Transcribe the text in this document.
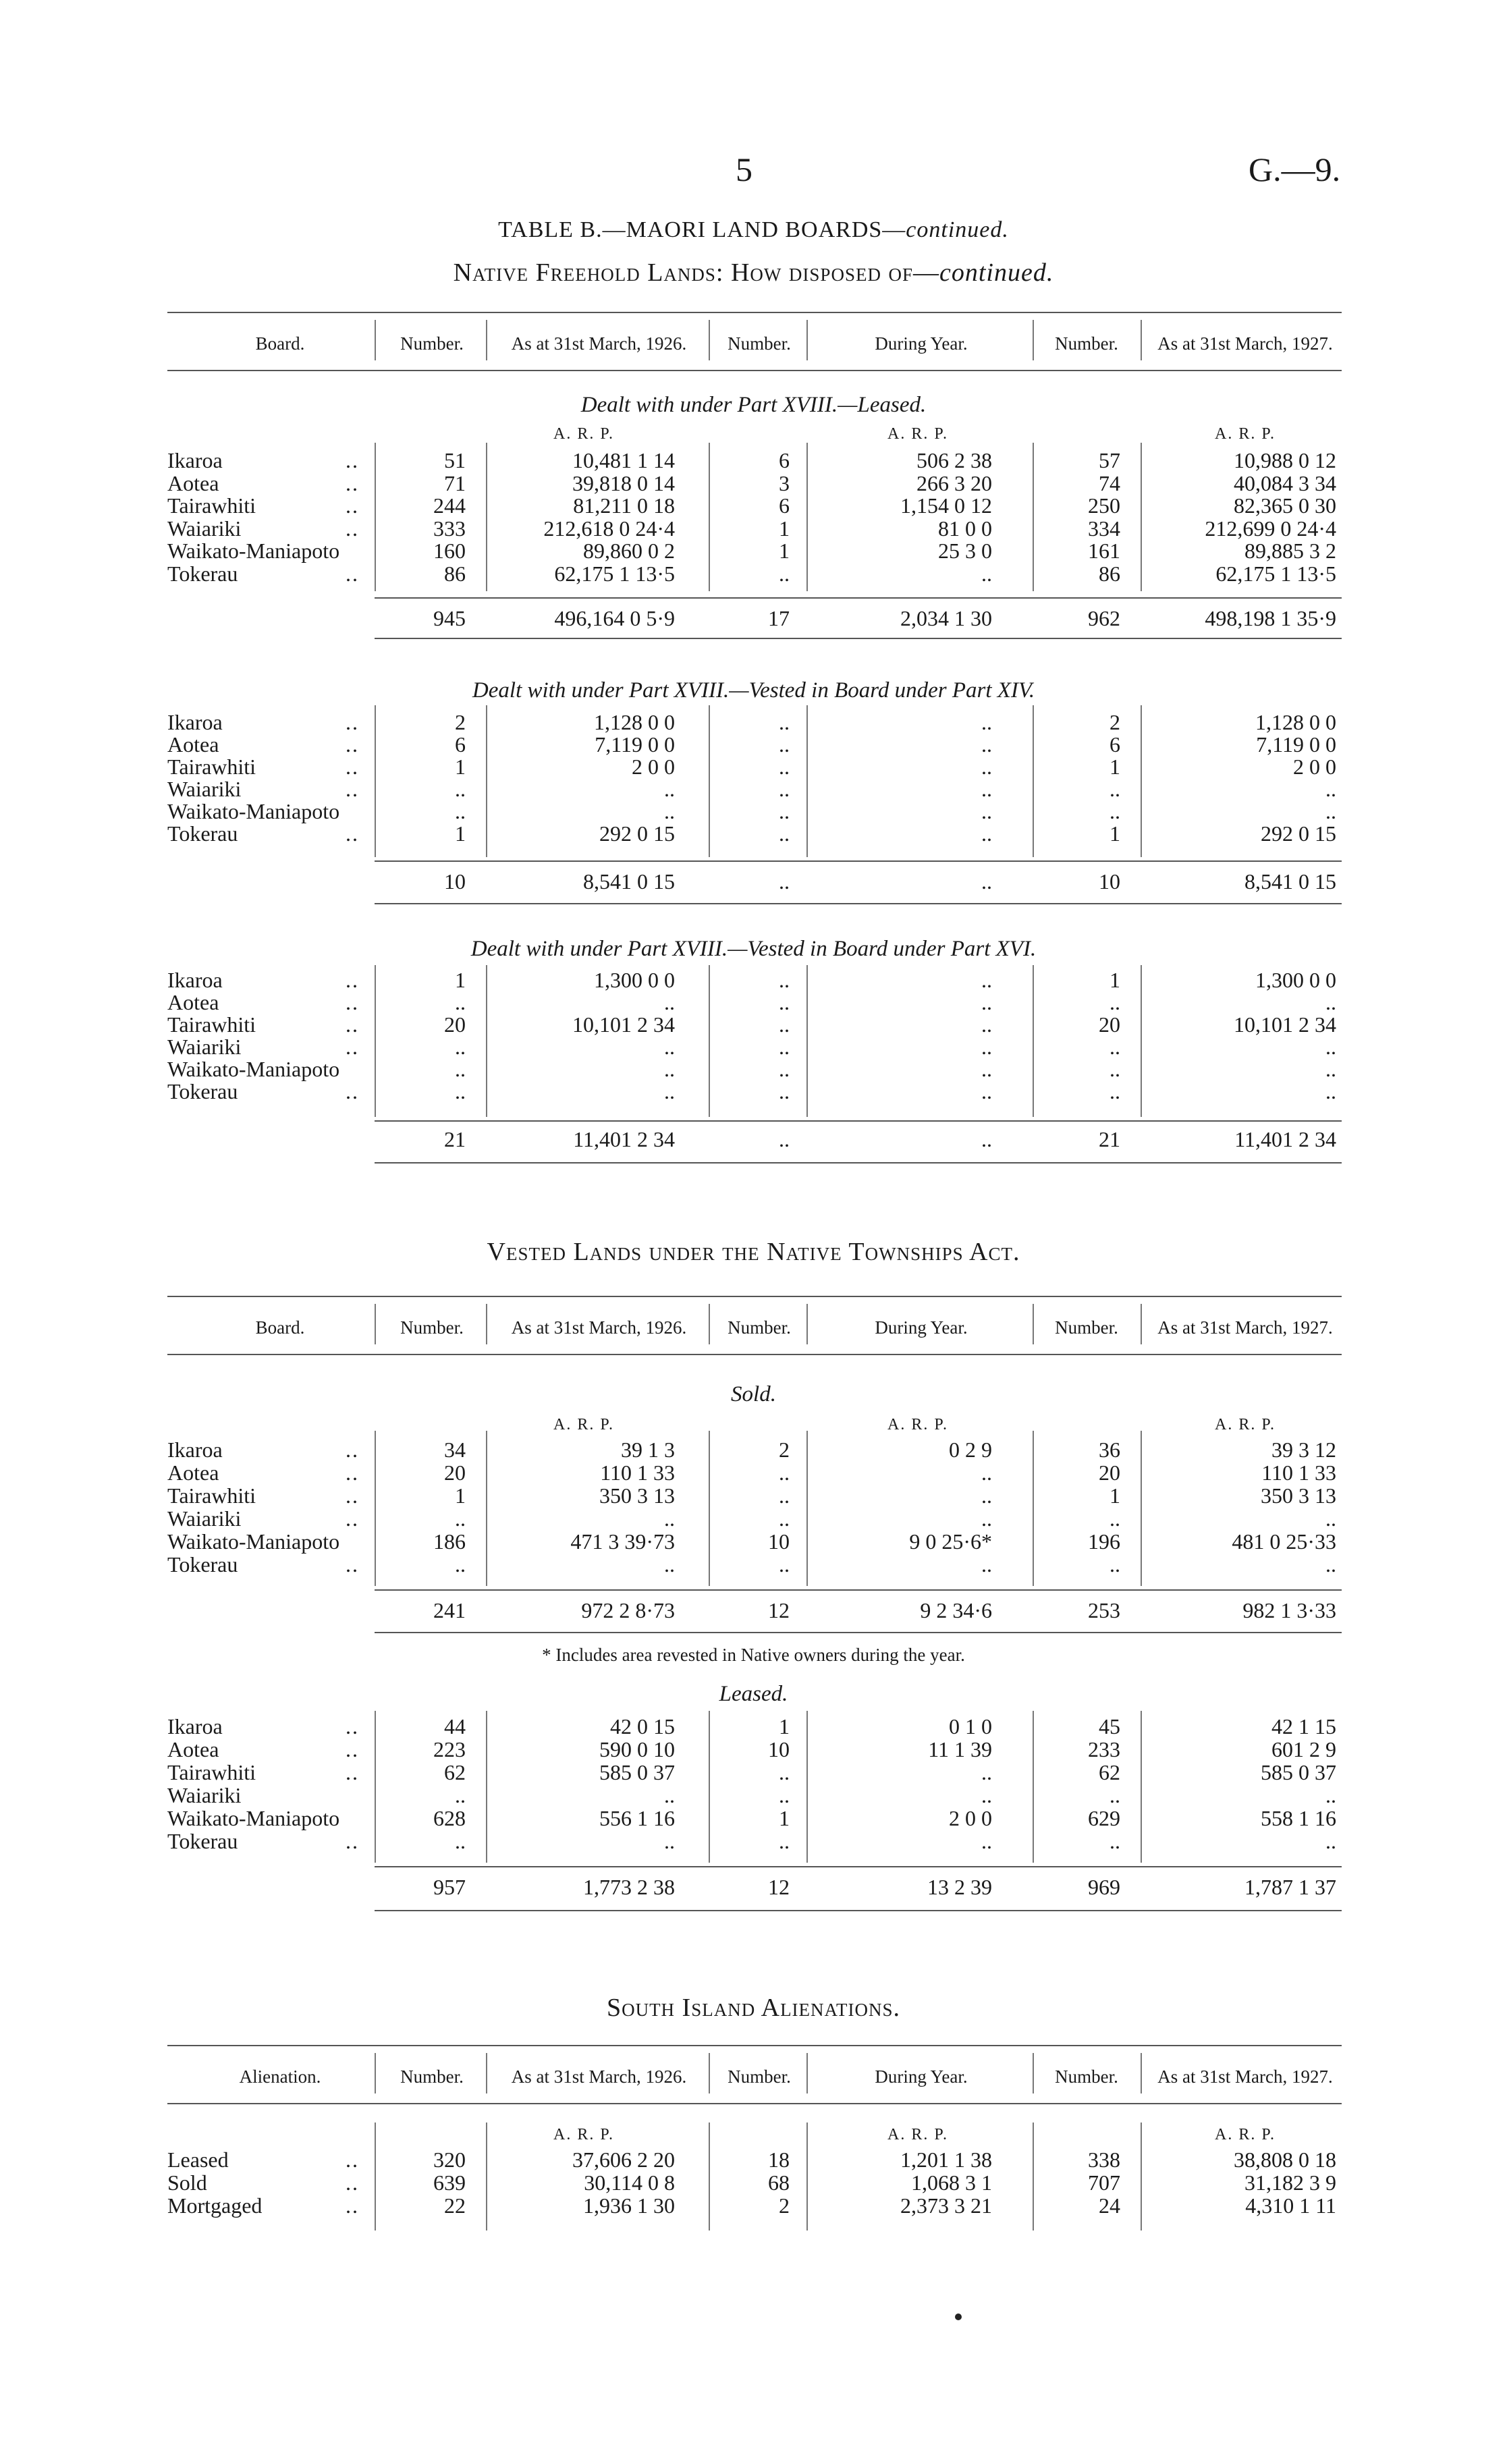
5	G.—9.
TABLE B.—MAORI LAND BOARDS—continued.
Native Freehold Lands: How disposed of—continued.
Vested Lands under the Native Townships Act.
South Island Alienations.
* Includes area revested in Native owners during the year.
Board.	Number.	As at 31st March, 1926.	Number.	During Year.	Number.	As at 31st March, 1927.
Dealt with under Part XVIII.—Leased.
A. R. P.	A. R. P.	A. R. P.
Ikaroa	..	51	10,481 1 14	6	506 2 38	57	10,988 0 12
Aotea	..	71	39,818 0 14	3	266 3 20	74	40,084 3 34
Tairawhiti	..	244	81,211 0 18	6	1,154 0 12	250	82,365 0 30
Waiariki	..	333	212,618 0 24·4	1	81 0 0	334	212,699 0 24·4
Waikato-Maniapoto	160	89,860 0 2	1	25 3 0	161	89,885 3 2
Tokerau	..	86	62,175 1 13·5	..	..	86	62,175 1 13·5
945	496,164 0 5·9	17	2,034 1 30	962	498,198 1 35·9
Dealt with under Part XVIII.—Vested in Board under Part XIV.
Ikaroa	..	2	1,128 0 0	..	..	2	1,128 0 0
Aotea	..	6	7,119 0 0	..	..	6	7,119 0 0
Tairawhiti	..	1	2 0 0	..	..	1	2 0 0
Waiariki	..	..	..	..	..	..	..
Waikato-Maniapoto	..	..	..	..	..	..
Tokerau	..	1	292 0 15	..	..	1	292 0 15
10	8,541 0 15	..	..	10	8,541 0 15
Dealt with under Part XVIII.—Vested in Board under Part XVI.
Ikaroa	..	1	1,300 0 0	..	..	1	1,300 0 0
Aotea	..	..	..	..	..	..	..
Tairawhiti	..	20	10,101 2 34	..	..	20	10,101 2 34
Waiariki	..	..	..	..	..	..	..
Waikato-Maniapoto	..	..	..	..	..	..
Tokerau	..	..	..	..	..	..	..
21	11,401 2 34	..	..	21	11,401 2 34
Board.	Number.	As at 31st March, 1926.	Number.	During Year.	Number.	As at 31st March, 1927.
Sold.
A. R. P.	A. R. P.	A. R. P.
Ikaroa	..	34	39 1 3	2	0 2 9	36	39 3 12
Aotea	..	20	110 1 33	..	..	20	110 1 33
Tairawhiti	..	1	350 3 13	..	..	1	350 3 13
Waiariki	..	..	..	..	..	..	..
Waikato-Maniapoto	186	471 3 39·73	10	9 0 25·6*	196	481 0 25·33
Tokerau	..	..	..	..	..	..	..
241	972 2 8·73	12	9 2 34·6	253	982 1 3·33
Leased.
Ikaroa	..	44	42 0 15	1	0 1 0	45	42 1 15
Aotea	..	223	590 0 10	10	11 1 39	233	601 2 9
Tairawhiti	..	62	585 0 37	..	..	62	585 0 37
Waiariki	..	..	..	..	..	..
Waikato-Maniapoto	628	556 1 16	1	2 0 0	629	558 1 16
Tokerau	..	..	..	..	..	..	..
957	1,773 2 38	12	13 2 39	969	1,787 1 37
Alienation.	Number.	As at 31st March, 1926.	Number.	During Year.	Number.	As at 31st March, 1927.
A. R. P.	A. R. P.	A. R. P.
Leased	..	320	37,606 2 20	18	1,201 1 38	338	38,808 0 18
Sold	..	639	30,114 0 8	68	1,068 3 1	707	31,182 3 9
Mortgaged	..	22	1,936 1 30	2	2,373 3 21	24	4,310 1 11
